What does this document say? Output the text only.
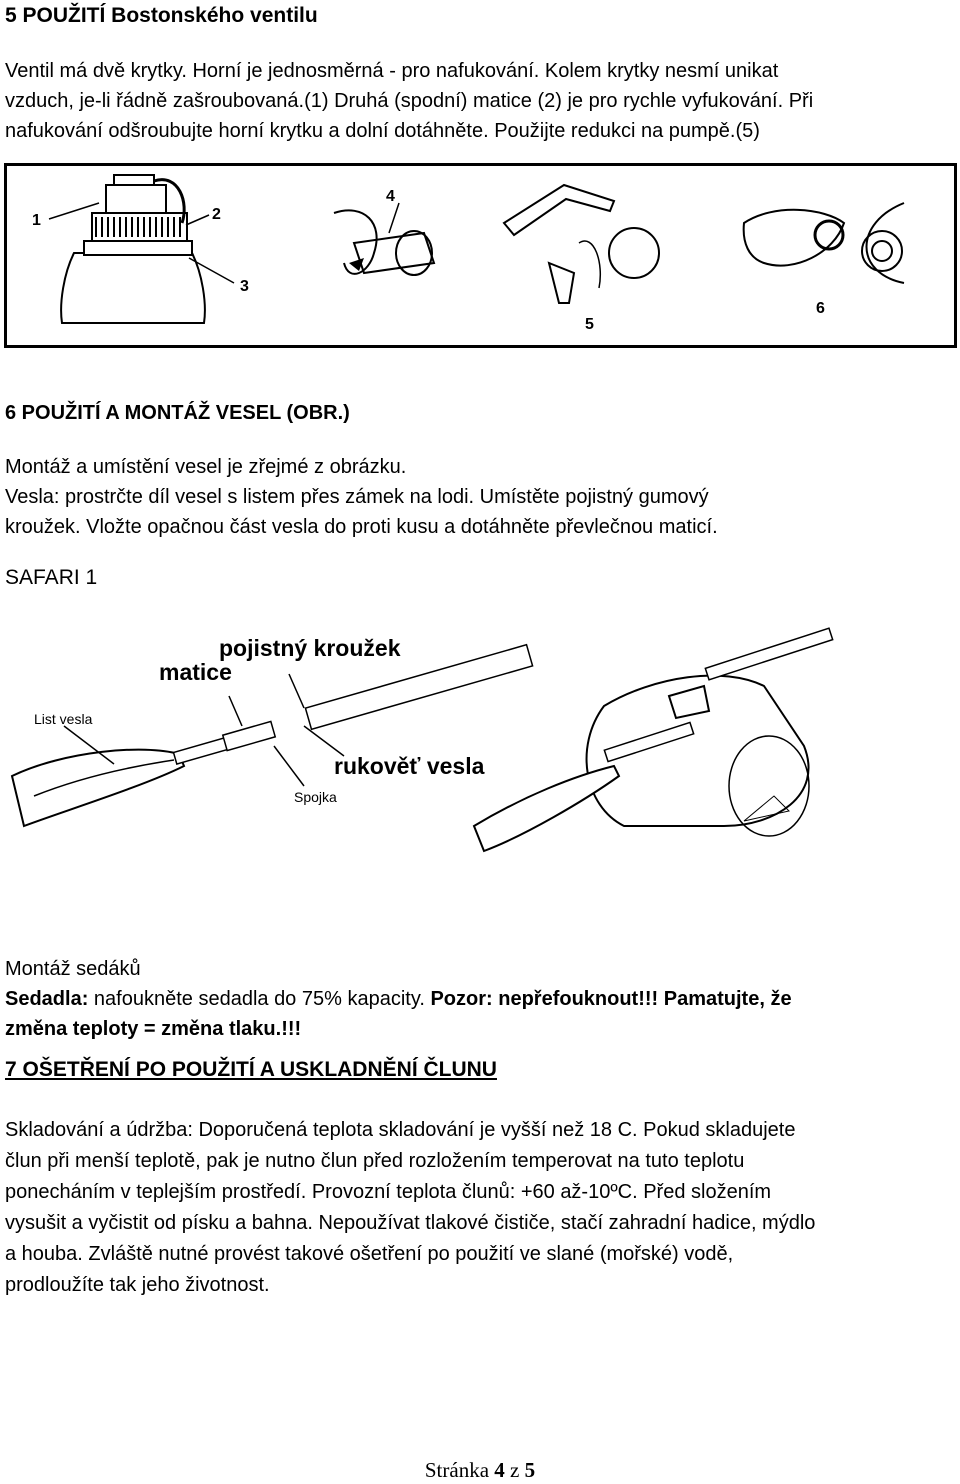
5 POUŽITÍ Bostonského ventilu
Ventil má dvě krytky. Horní je jednosměrná - pro nafukování. Kolem krytky nesmí unikat
vzduch, je-li řádně zašroubovaná.(1) Druhá (spodní) matice (2) je pro rychle vyfukování. Při
nafukování odšroubujte horní krytku a dolní dotáhněte. Použijte redukci na pumpě.(5)
1	2
3
4
5
6
6 POUŽITÍ A MONTÁŽ VESEL (OBR.)
Montáž a umístění vesel je zřejmé z obrázku.
Vesla: prostrčte díl vesel s listem přes zámek na lodi. Umístěte pojistný gumový
kroužek. Vložte opačnou část vesla do proti kusu a dotáhněte převlečnou maticí.
SAFARI 1
pojistný kroužek
matice
List vesla
rukověť vesla
Spojka
Montáž sedáků
Sedadla: nafoukněte sedadla do 75% kapacity. Pozor: nepřefouknout!!! Pamatujte, že
změna teploty = změna tlaku.!!!
7 OŠETŘENÍ PO POUŽITÍ A USKLADNĚNÍ ČLUNU
Skladování a údržba: Doporučená teplota skladování je vyšší než 18 C. Pokud skladujete
člun při menší teplotě, pak je nutno člun před rozložením temperovat na tuto teplotu
ponecháním v teplejším prostředí. Provozní teplota člunů: +60 až-10ºC. Před složením
vysušit a vyčistit od písku a bahna. Nepoužívat tlakové čističe, stačí zahradní hadice, mýdlo
a houba. Zvláště nutné provést takové ošetření po použití ve slané (mořské) vodě,
prodloužíte tak jeho životnost.
Stránka 4 z 5
